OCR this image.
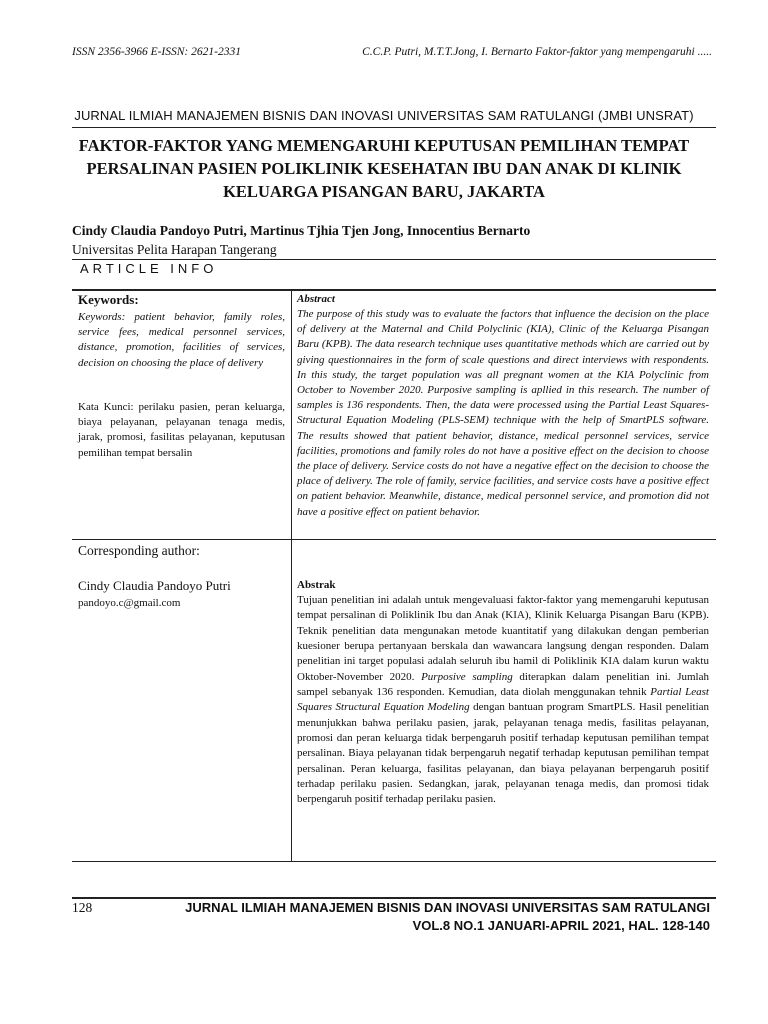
ISSN 2356-3966 E-ISSN: 2621-2331	C.C.P. Putri, M.T.T.Jong, I. Bernarto Faktor-faktor yang mempengaruhi .....
JURNAL ILMIAH MANAJEMEN BISNIS DAN INOVASI UNIVERSITAS SAM RATULANGI (JMBI UNSRAT)
FAKTOR-FAKTOR YANG MEMENGARUHI KEPUTUSAN PEMILIHAN TEMPAT PERSALINAN PASIEN POLIKLINIK KESEHATAN IBU DAN ANAK DI KLINIK KELUARGA PISANGAN BARU, JAKARTA
Cindy Claudia Pandoyo Putri, Martinus Tjhia Tjen Jong, Innocentius Bernarto
Universitas Pelita Harapan Tangerang
ARTICLE INFO
Keywords:
Keywords: patient behavior, family roles, service fees, medical personnel services, distance, promotion, facilities of services, decision on choosing the place of delivery
Kata Kunci: perilaku pasien, peran keluarga, biaya pelayanan, pelayanan tenaga medis, jarak, promosi, fasilitas pelayanan, keputusan pemilihan tempat bersalin
Corresponding author:
Cindy Claudia Pandoyo Putri
pandoyo.c@gmail.com
Abstract
The purpose of this study was to evaluate the factors that influence the decision on the place of delivery at the Maternal and Child Polyclinic (KIA), Clinic of the Keluarga Pisangan Baru (KPB). The data research technique uses quantitative methods which are carried out by giving questionnaires in the form of scale questions and direct interviews with respondents. In this study, the target population was all pregnant women at the KIA Polyclinic from October to November 2020. Purposive sampling is apllied in this research. The number of samples is 136 respondents. Then, the data were processed using the Partial Least Squares-Structural Equation Modeling (PLS-SEM) technique with the help of SmartPLS software. The results showed that patient behavior, distance, medical personnel services, service facilities, promotions and family roles do not have a positive effect on the decision to choose the place of delivery. Service costs do not have a negative effect on the decision to choose the place of delivery. The role of family, service facilities, and service costs have a positive effect on patient behavior. Meanwhile, distance, medical personnel service, and promotion did not have a positive effect on patient behavior.
Abstrak
Tujuan penelitian ini adalah untuk mengevaluasi faktor-faktor yang memengaruhi keputusan tempat persalinan di Poliklinik Ibu dan Anak (KIA), Klinik Keluarga Pisangan Baru (KPB). Teknik penelitian data mengunakan metode kuantitatif yang dilakukan dengan pemberian kuesioner berupa pertanyaan berskala dan wawancara langsung dengan responden. Dalam penelitian ini target populasi adalah seluruh ibu hamil di Poliklinik KIA dalam kurun waktu Oktober-November 2020. Purposive sampling diterapkan dalam penelitian ini. Jumlah sampel sebanyak 136 responden. Kemudian, data diolah menggunakan tehnik Partial Least Squares Structural Equation Modeling dengan bantuan program SmartPLS. Hasil penelitian menunjukkan bahwa perilaku pasien, jarak, pelayanan tenaga medis, fasilitas pelayanan, promosi dan peran keluarga tidak berpengaruh positif terhadap keputusan pemilihan tempat persalinan. Biaya pelayanan tidak berpengaruh negatif terhadap keputusan pemilihan tempat persalinan. Peran keluarga, fasilitas pelayanan, dan biaya pelayanan berpengaruh positif terhadap perilaku pasien. Sedangkan, jarak, pelayanan tenaga medis, dan promosi tidak berpengaruh positif terhadap perilaku pasien.
128	JURNAL ILMIAH MANAJEMEN BISNIS DAN INOVASI UNIVERSITAS SAM RATULANGI
VOL.8 NO.1 JANUARI-APRIL 2021, HAL. 128-140
